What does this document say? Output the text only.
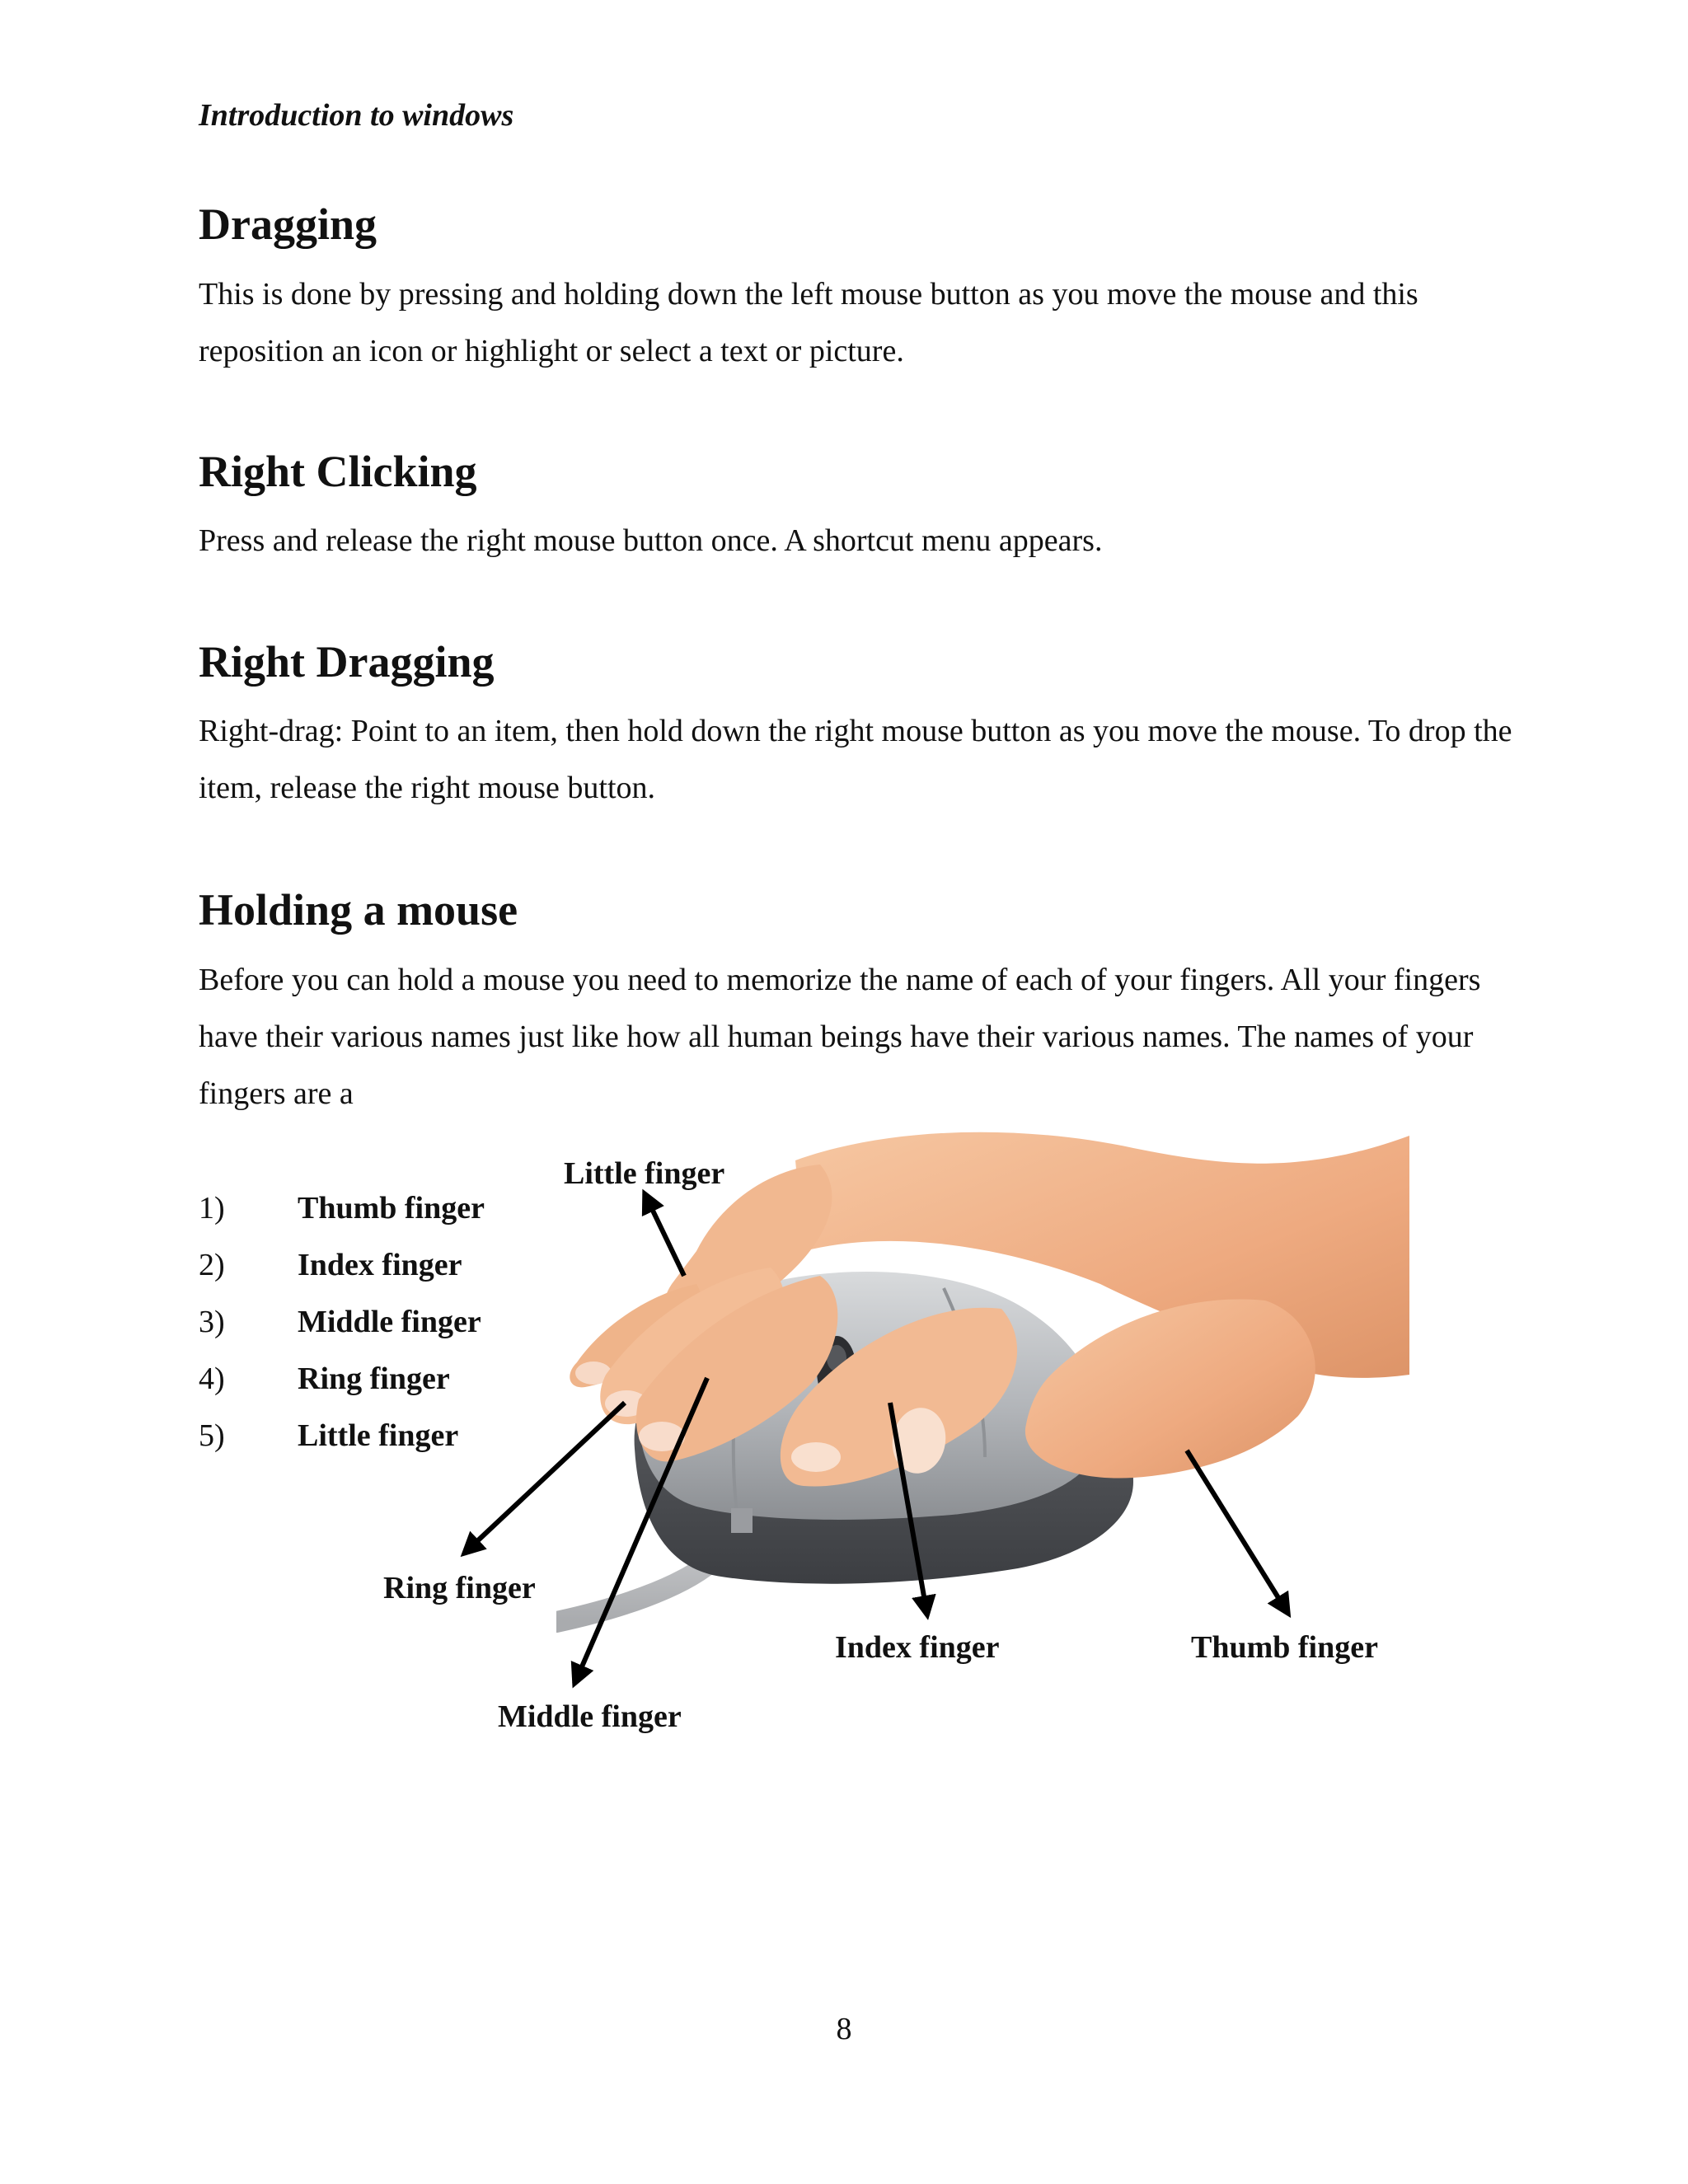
Introduction to windows

Dragging

This is done by pressing and holding down the left mouse button as you move the mouse and this reposition an icon or highlight or select a text or picture.

Right Clicking

Press and release the right mouse button once. A shortcut menu appears.

Right Dragging

Right-drag: Point to an item, then hold down the right mouse button as you move the mouse. To drop the item, release the right mouse button.

Holding a mouse

Before you can hold a mouse you need to memorize the name of each of your fingers. All your fingers have their various names just like how all human beings have their various names. The names of your fingers are a

1) Thumb finger
2) Index finger
3) Middle finger
4) Ring finger
5) Little finger

Little finger

Ring finger

Middle finger

Index finger	Thumb finger

8
